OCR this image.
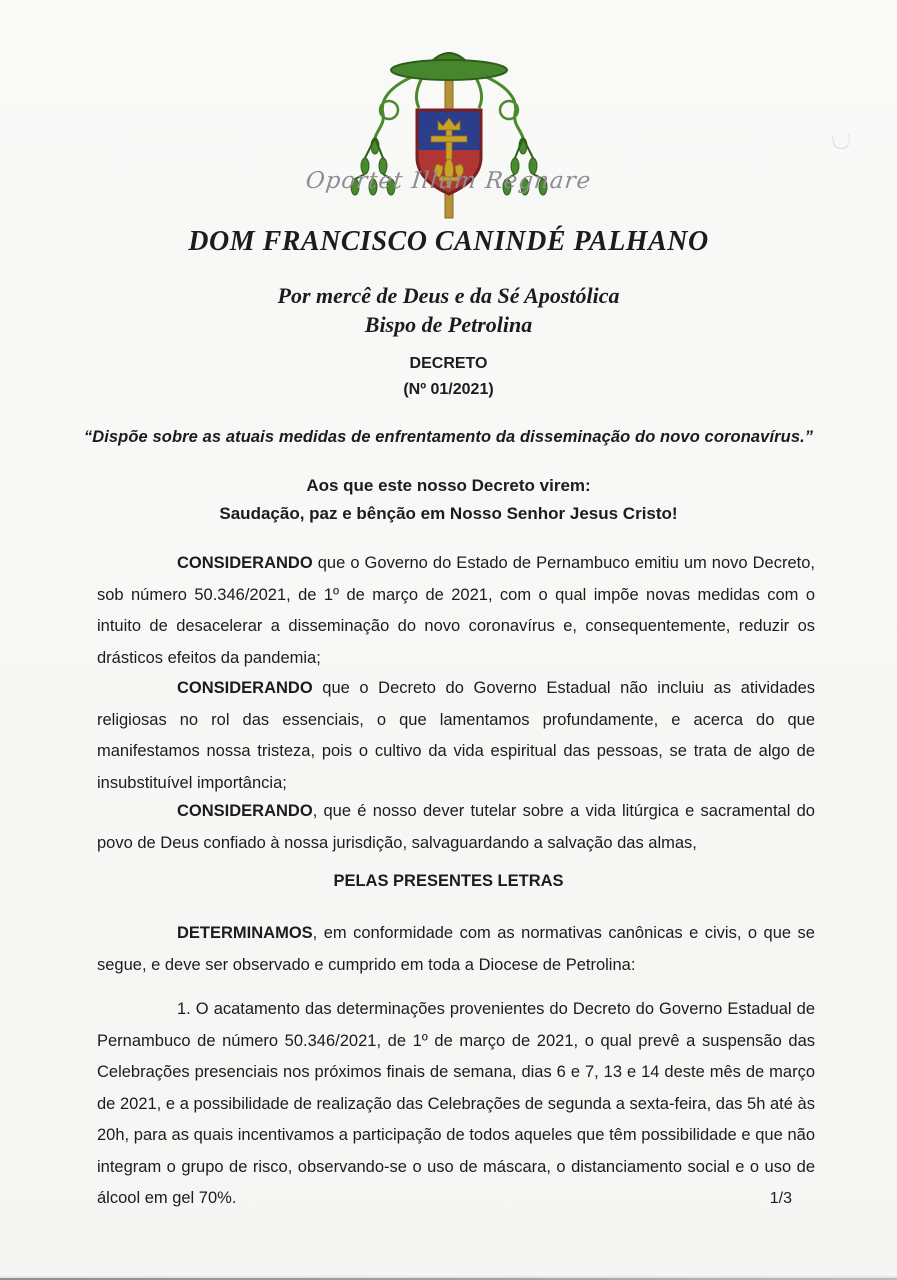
Oportet Illum Regnare
DOM FRANCISCO CANINDÉ PALHANO
Por mercê de Deus e da Sé Apostólica
Bispo de Petrolina
DECRETO
(Nº 01/2021)
“Dispõe sobre as atuais medidas de enfrentamento da disseminação do novo coronavírus.”
Aos que este nosso Decreto virem:
Saudação, paz e bênção em Nosso Senhor Jesus Cristo!
CONSIDERANDO que o Governo do Estado de Pernambuco emitiu um novo Decreto, sob número 50.346/2021, de 1º de março de 2021, com o qual impõe novas medidas com o intuito de desacelerar a disseminação do novo coronavírus e, consequentemente, reduzir os drásticos efeitos da pandemia;
CONSIDERANDO que o Decreto do Governo Estadual não incluiu as atividades religiosas no rol das essenciais, o que lamentamos profundamente, e acerca do que manifestamos nossa tristeza, pois o cultivo da vida espiritual das pessoas, se trata de algo de insubstituível importância;
CONSIDERANDO, que é nosso dever tutelar sobre a vida litúrgica e sacramental do povo de Deus confiado à nossa jurisdição, salvaguardando a salvação das almas,
PELAS PRESENTES LETRAS
DETERMINAMOS, em conformidade com as normativas canônicas e civis, o que se segue, e deve ser observado e cumprido em toda a Diocese de Petrolina:
1. O acatamento das determinações provenientes do Decreto do Governo Estadual de Pernambuco de número 50.346/2021, de 1º de março de 2021, o qual prevê a suspensão das Celebrações presenciais nos próximos finais de semana, dias 6 e 7, 13 e 14 deste mês de março de 2021, e a possibilidade de realização das Celebrações de segunda a sexta-feira, das 5h até às 20h, para as quais incentivamos a participação de todos aqueles que têm possibilidade e que não integram o grupo de risco, observando-se o uso de máscara, o distanciamento social e o uso de álcool em gel 70%.	1/3
